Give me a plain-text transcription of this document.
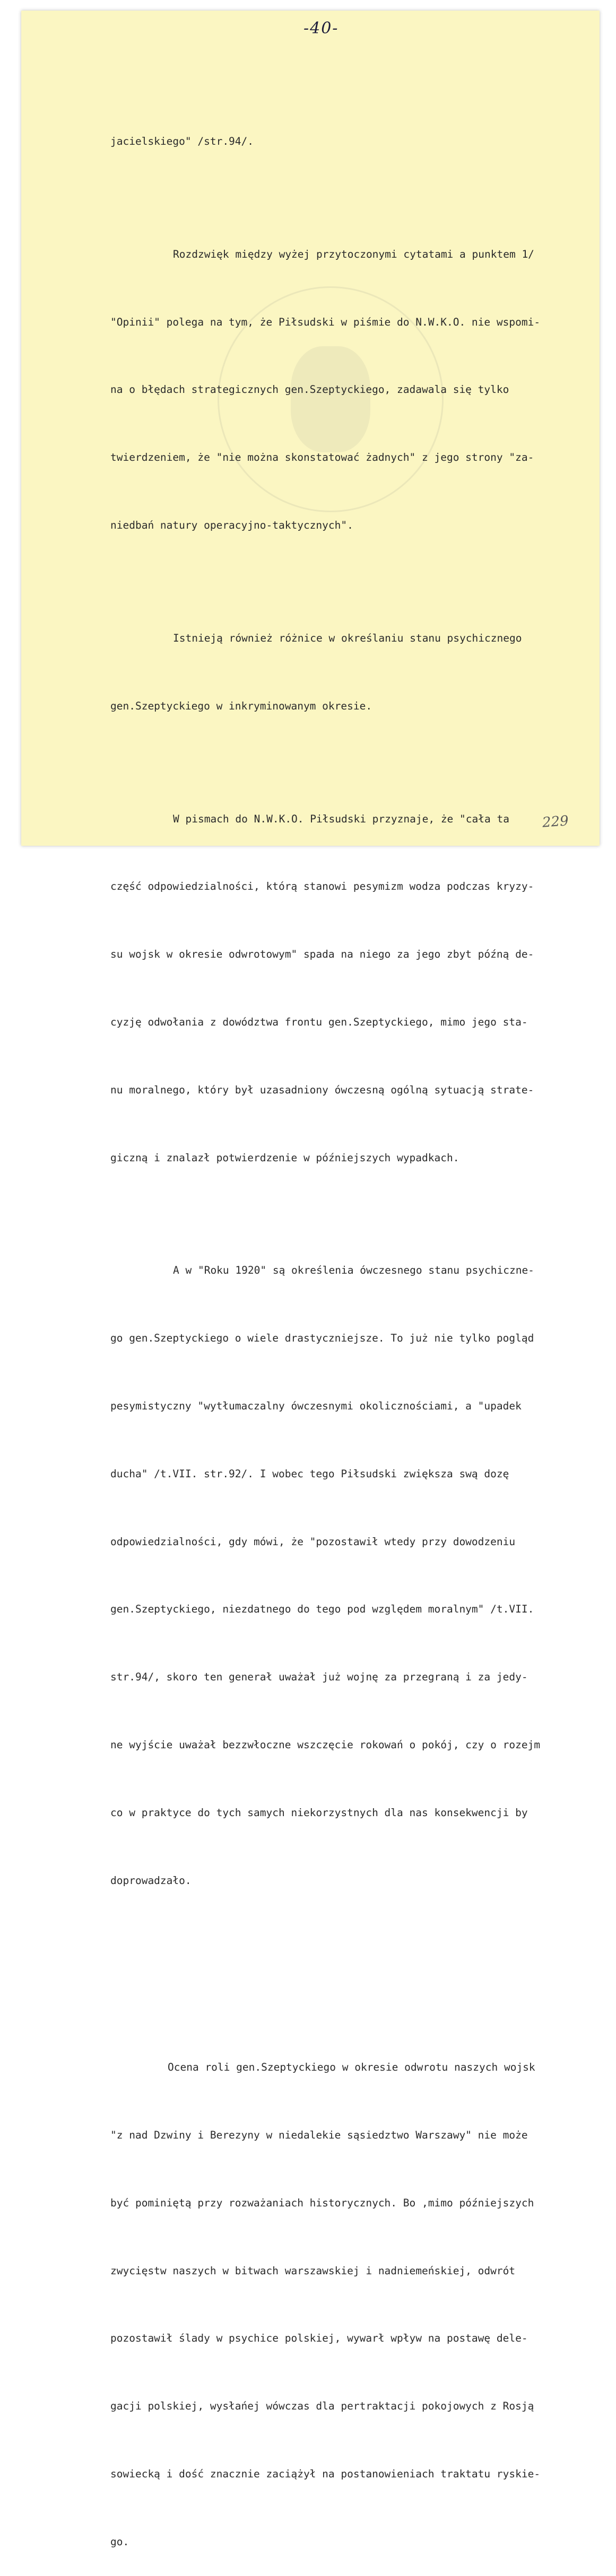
-40-

jacielskiego" /str.94/.

Rozdzwięk między wyżej przytoczonymi cytatami a punktem 1/

"Opinii" polega na tym, że Piłsudski w piśmie do N.W.K.O. nie wspomi-

na o błędach strategicznych gen.Szeptyckiego, zadawala się tylko

twierdzeniem, że "nie można skonstatować żadnych" z jego strony "za-

niedbań natury operacyjno-taktycznych".

Istnieją również różnice w określaniu stanu psychicznego

gen.Szeptyckiego w inkryminowanym okresie.

W pismach do N.W.K.O. Piłsudski przyznaje, że "cała ta

część odpowiedzialności, którą stanowi pesymizm wodza podczas kryzy-

su wojsk w okresie odwrotowym" spada na niego za jego zbyt późną de-

cyzję odwołania z dowództwa frontu gen.Szeptyckiego, mimo jego sta-

nu moralnego, który był uzasadniony ówczesną ogólną sytuacją strate-

giczną i znalazł potwierdzenie w późniejszych wypadkach.

A w "Roku 1920" są określenia ówczesnego stanu psychiczne-

go gen.Szeptyckiego o wiele drastyczniejsze. To już nie tylko pogląd

pesymistyczny "wytłumaczalny ówczesnymi okolicznościami, a "upadek

ducha" /t.VII. str.92/. I wobec tego Piłsudski zwiększa swą dozę

odpowiedzialności, gdy mówi, że "pozostawił wtedy przy dowodzeniu

gen.Szeptyckiego, niezdatnego do tego pod względem moralnym" /t.VII.

str.94/, skoro ten generał uważał już wojnę za przegraną i za jedy-

ne wyjście uważał bezzwłoczne wszczęcie rokowań o pokój, czy o rozejm

co w praktyce do tych samych niekorzystnych dla nas konsekwencji by

doprowadzało.

Ocena roli gen.Szeptyckiego w okresie odwrotu naszych wojsk

"z nad Dzwiny i Berezyny w niedalekie sąsiedztwo Warszawy" nie może

być pominiętą przy rozważaniach historycznych. Bo ,mimo późniejszych

zwycięstw naszych w bitwach warszawskiej i nadniemeńskiej, odwrót

pozostawił ślady w psychice polskiej, wywarł wpływ na postawę dele-

gacji polskiej, wysłańej wówczas dla pertraktacji pokojowych z Rosją

sowiecką i dość znacznie zaciążył na postanowieniach traktatu ryskie-

go.

229
